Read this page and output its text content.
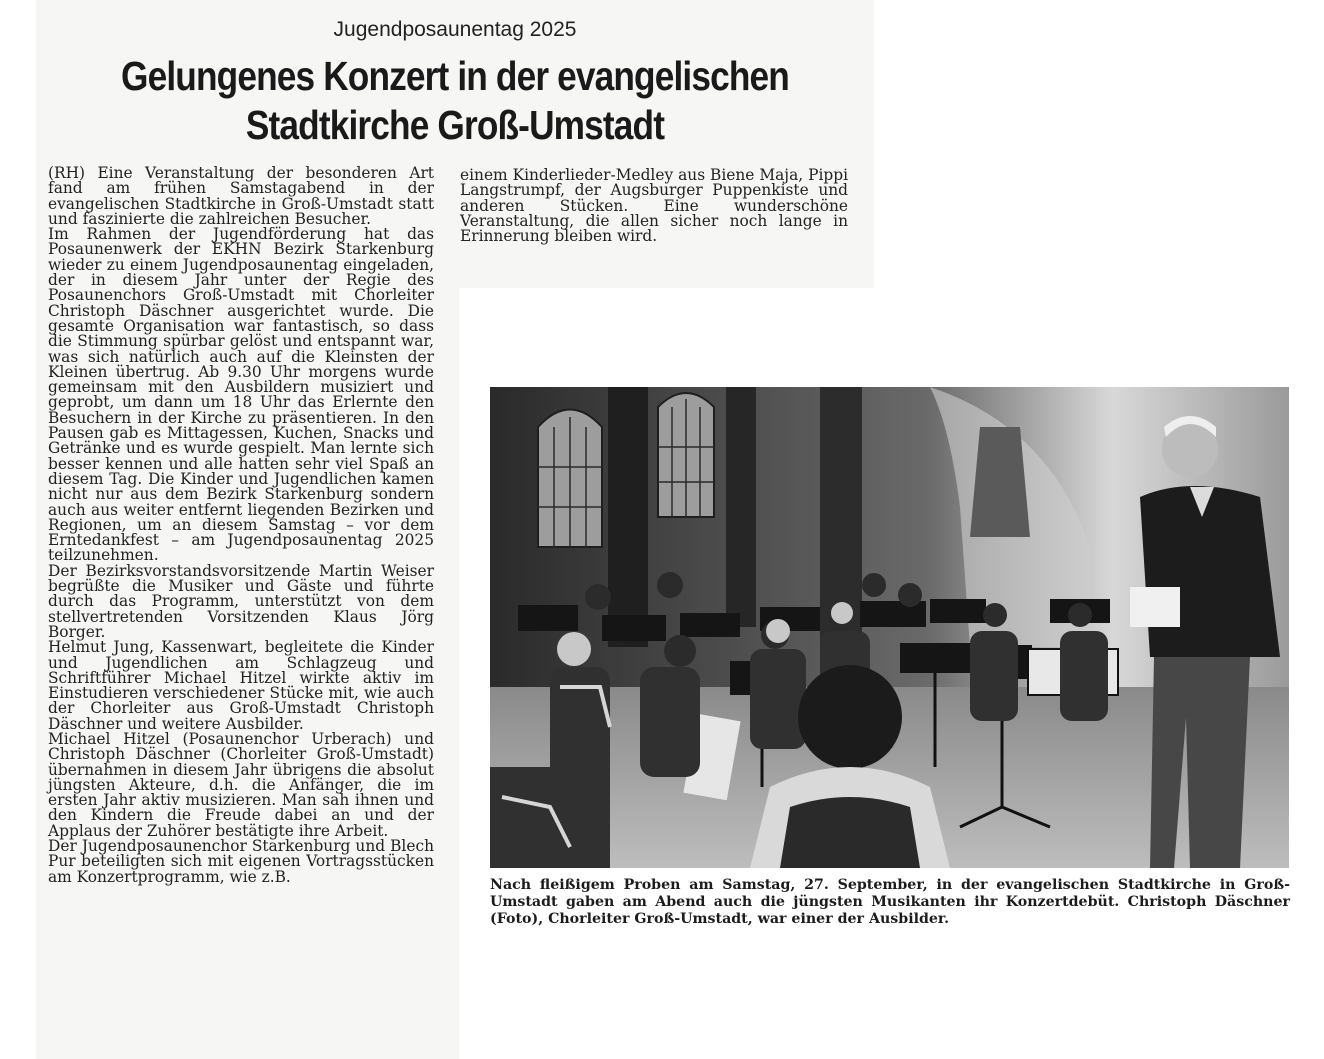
Jugendposaunentag 2025
Gelungenes Konzert in der evangelischen
Stadtkirche Groß-Umstadt

(RH) Eine Veranstaltung der besonderen Art fand am frühen Samstagabend in der evangelischen Stadtkirche in Groß-Umstadt statt und faszinierte die zahlreichen Besucher.

Im Rahmen der Jugendförderung hat das Posaunenwerk der EKHN Bezirk Starkenburg wieder zu einem Jugendposaunentag eingeladen, der in diesem Jahr unter der Regie des Posaunenchors Groß-Umstadt mit Chorleiter Christoph Däschner ausgerichtet wurde. Die gesamte Organisation war fantastisch, so dass die Stimmung spürbar gelöst und entspannt war, was sich natürlich auch auf die Kleinsten der Kleinen übertrug. Ab 9.30 Uhr morgens wurde gemeinsam mit den Ausbildern musiziert und geprobt, um dann um 18 Uhr das Erlernte den Besuchern in der Kirche zu präsentieren. In den Pausen gab es Mittagessen, Kuchen, Snacks und Getränke und es wurde gespielt. Man lernte sich besser kennen und alle hatten sehr viel Spaß an diesem Tag. Die Kinder und Jugendlichen kamen nicht nur aus dem Bezirk Starkenburg sondern auch aus weiter entfernt liegenden Bezirken und Regionen, um an diesem Samstag – vor dem Erntedankfest – am Jugendposaunentag 2025 teilzunehmen.

Der Bezirksvorstandsvorsitzende Martin Weiser begrüßte die Musiker und Gäste und führte durch das Programm, unterstützt von dem stellvertretenden Vorsitzenden Klaus Jörg Borger.

Helmut Jung, Kassenwart, begleitete die Kinder und Jugendlichen am Schlagzeug und Schriftführer Michael Hitzel wirkte aktiv im Einstudieren verschiedener Stücke mit, wie auch der Chorleiter aus Groß-Umstadt Christoph Däschner und weitere Ausbilder.

Michael Hitzel (Posaunenchor Urberach) und Christoph Däschner (Chorleiter Groß-Umstadt) übernahmen in diesem Jahr übrigens die absolut jüngsten Akteure, d.h. die Anfänger, die im ersten Jahr aktiv musizieren. Man sah ihnen und den Kindern die Freude dabei an und der Applaus der Zuhörer bestätigte ihre Arbeit.

Der Jugendposaunenchor Starkenburg und Blech Pur beteiligten sich mit eigenen Vortragsstücken am Konzertprogramm, wie z.B.

einem Kinderlieder-Medley aus Biene Maja, Pippi Langstrumpf, der Augsburger Puppenkiste und anderen Stücken. Eine wunderschöne Veranstaltung, die allen sicher noch lange in Erinnerung bleiben wird.

Nach fleißigem Proben am Samstag, 27. September, in der evangelischen Stadtkirche in Groß-Umstadt gaben am Abend auch die jüngsten Musikanten ihr Konzertdebüt. Christoph Däschner (Foto), Chorleiter Groß-Umstadt, war einer der Ausbilder.
